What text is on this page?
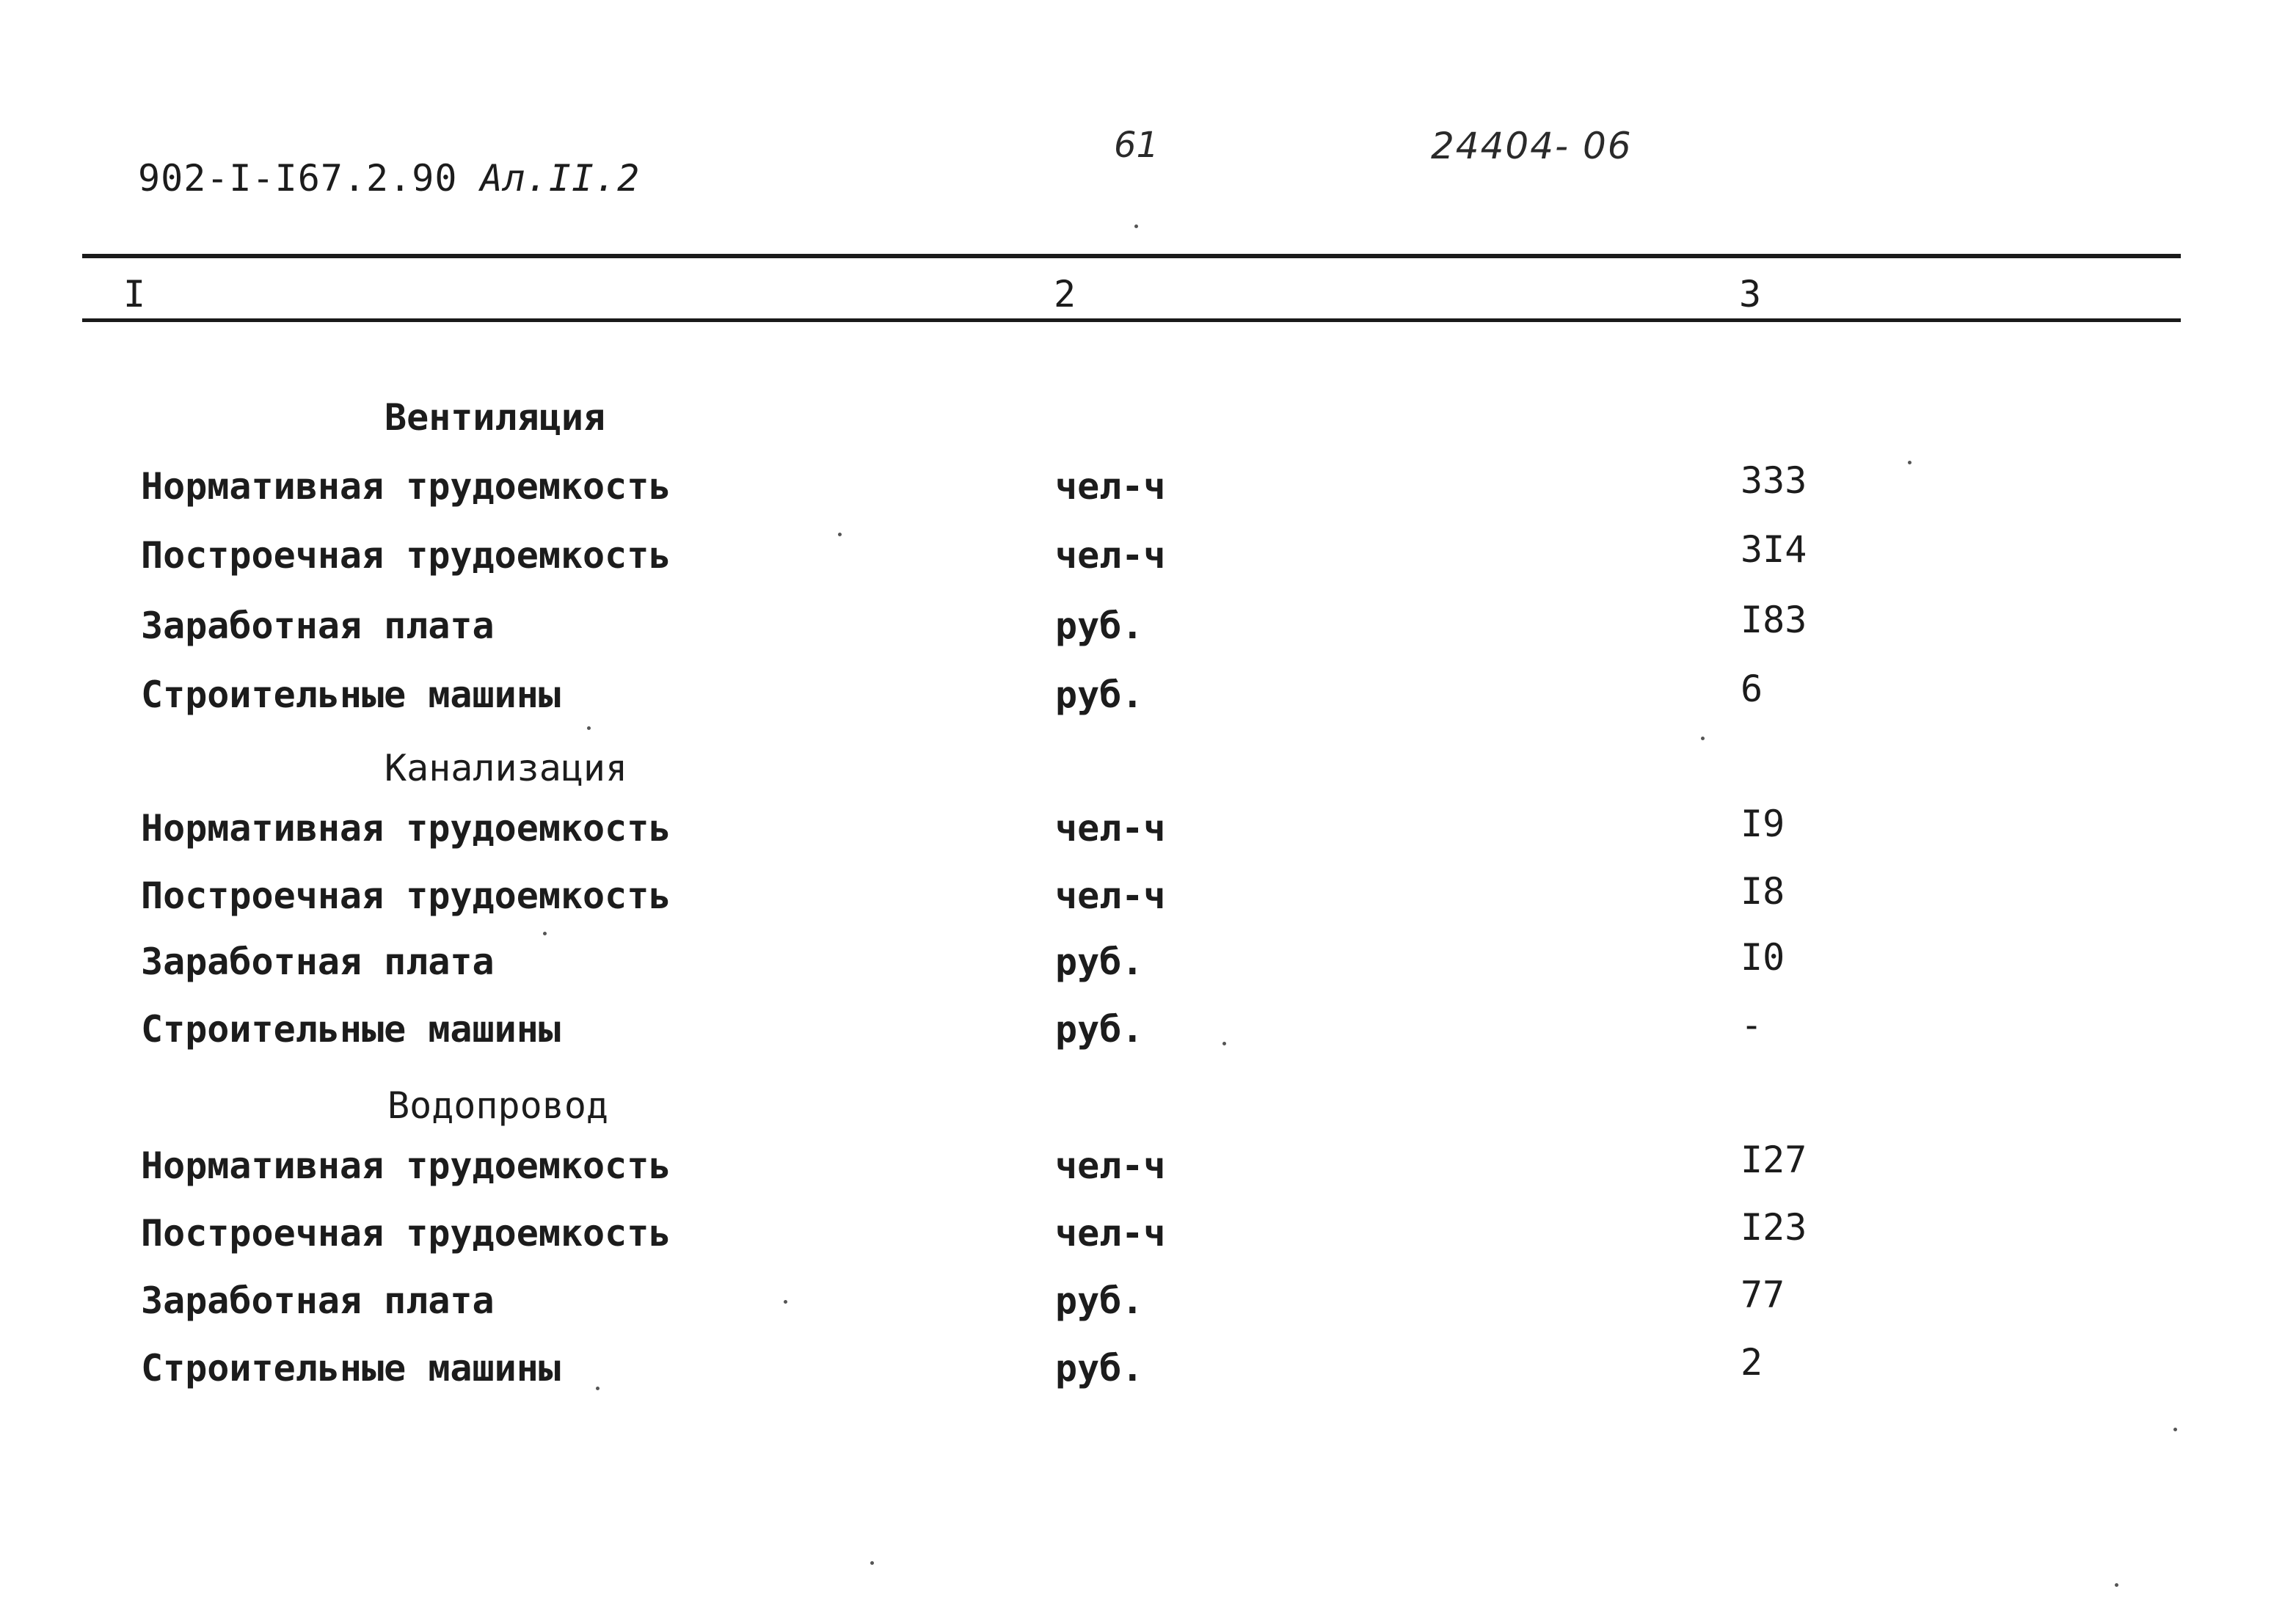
902-I-I67.2.90 Ал.II.2
61	24404- 06
I	2	3
Вентиляция
Нормативная трудоемкость	чел-ч	333
Построечная трудоемкость	чел-ч	3I4
Заработная плата	руб.	I83
Строительные машины	руб.	6
Канализация
Нормативная трудоемкость	чел-ч	I9
Построечная трудоемкость	чел-ч	I8
Заработная плата	руб.	I0
Строительные машины	руб.	-
Водопровод
Нормативная трудоемкость	чел-ч	I27
Построечная трудоемкость	чел-ч	I23
Заработная плата	руб.	77
Строительные машины	руб.	2
